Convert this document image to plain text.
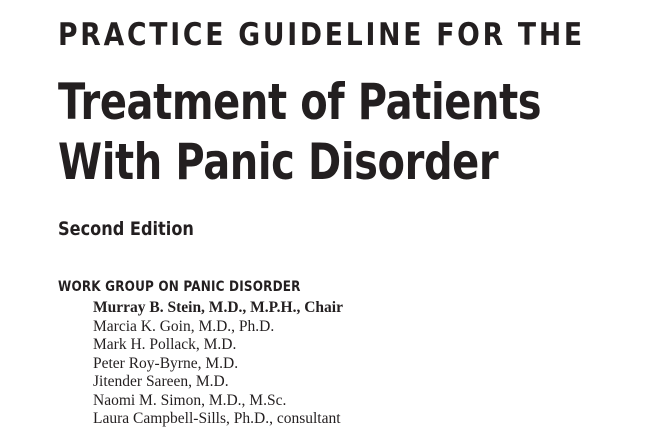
PRACTICE GUIDELINE FOR THE
Treatment of Patients
With Panic Disorder
Second Edition
WORK GROUP ON PANIC DISORDER
Murray B. Stein, M.D., M.P.H., Chair
Marcia K. Goin, M.D., Ph.D.
Mark H. Pollack, M.D.
Peter Roy-Byrne, M.D.
Jitender Sareen, M.D.
Naomi M. Simon, M.D., M.Sc.
Laura Campbell-Sills, Ph.D., consultant
